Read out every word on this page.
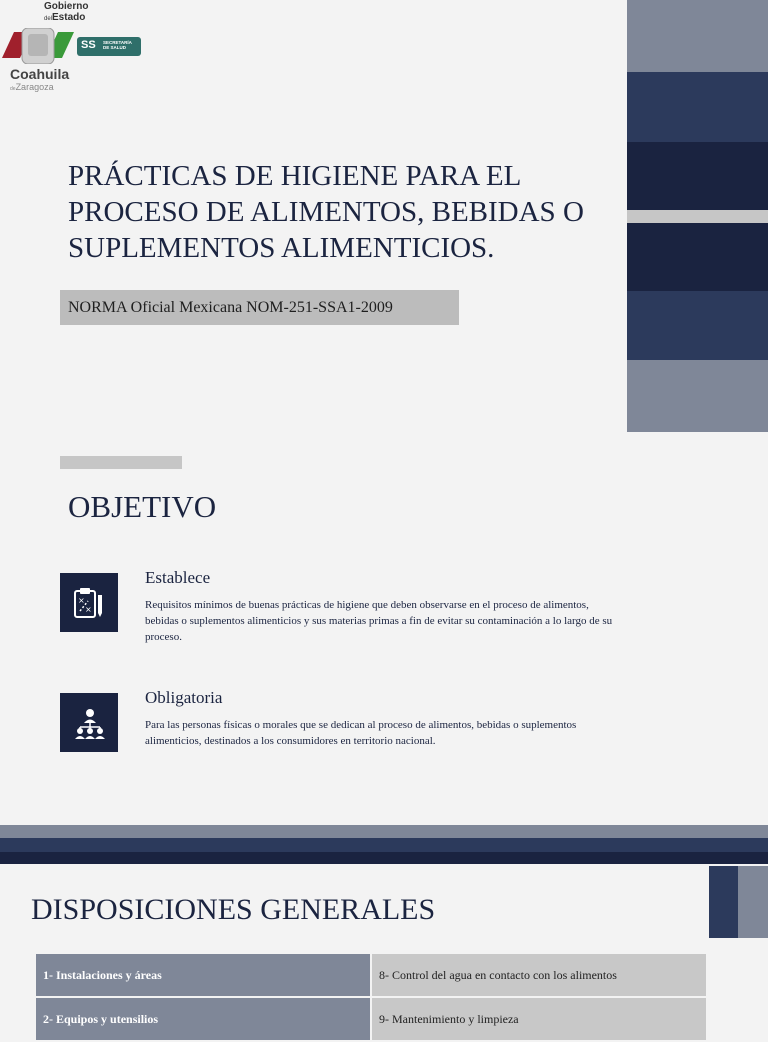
Gobierno
delEstado
SS SECRETARÍA
DE SALUD
Coahuila
deZaragoza
PRÁCTICAS DE HIGIENE PARA EL PROCESO DE ALIMENTOS, BEBIDAS O SUPLEMENTOS ALIMENTICIOS.
NORMA Oficial Mexicana NOM-251-SSA1-2009
OBJETIVO
×
×
Establece
Requisitos mínimos de buenas prácticas de higiene que deben observarse en el proceso de alimentos, bebidas o suplementos alimenticios y sus materias primas a fin de evitar su contaminación a lo largo de su proceso.
Obligatoria
Para las personas físicas o morales que se dedican al proceso de alimentos, bebidas o suplementos alimenticios, destinados a los consumidores en territorio nacional.
DISPOSICIONES GENERALES
1- Instalaciones y áreas	8- Control del agua en contacto con los alimentos
2- Equipos y utensilios	9- Mantenimiento y limpieza
